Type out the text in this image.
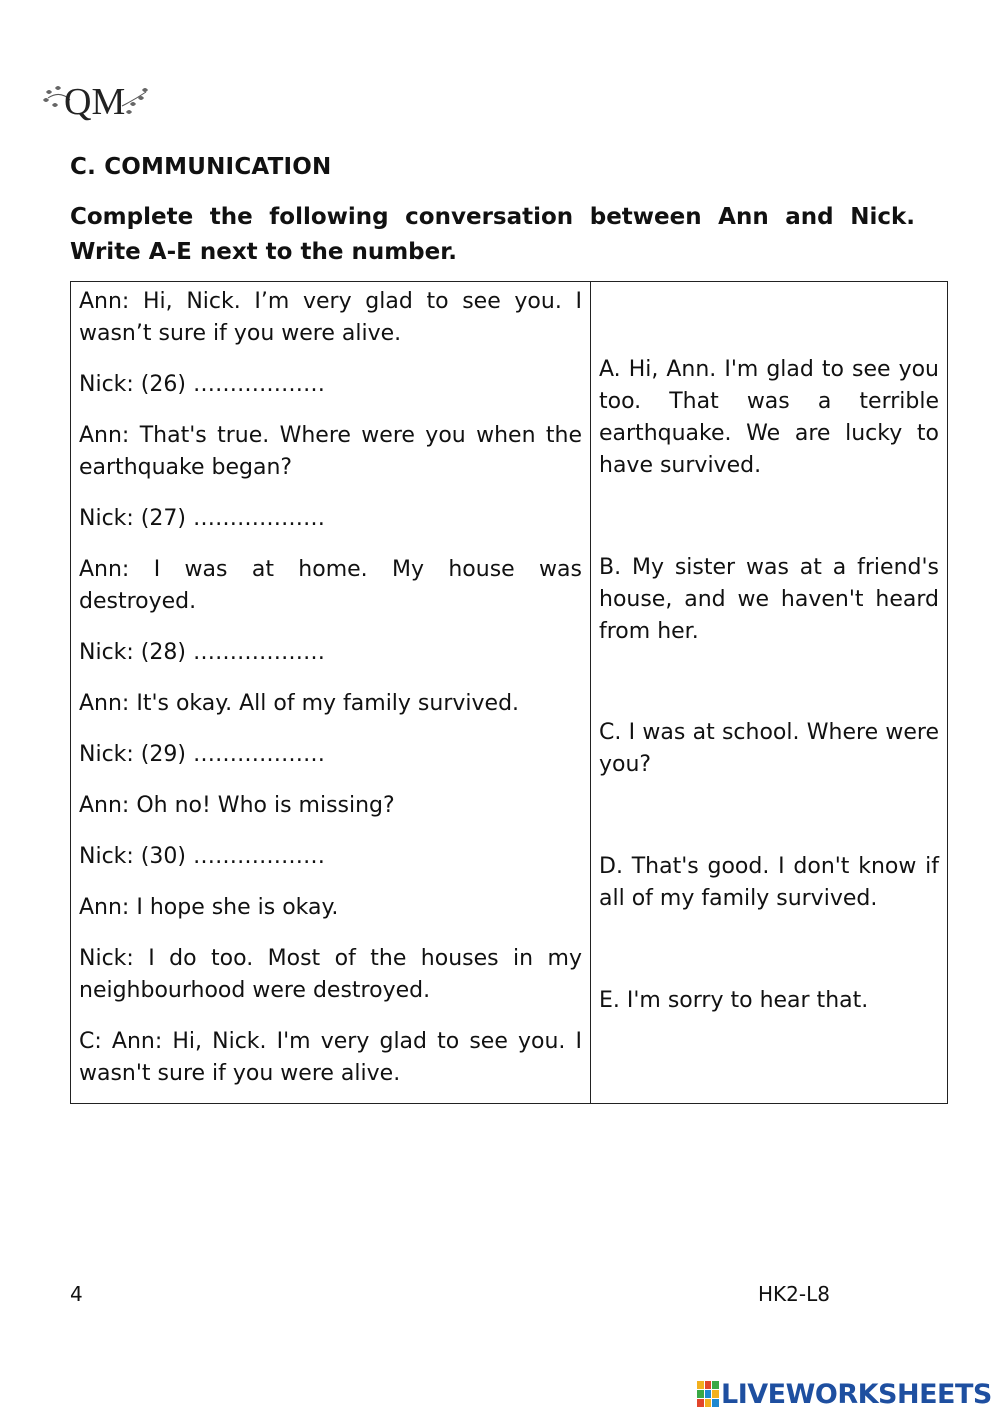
QM
C. COMMUNICATION
Complete the following conversation between Ann and Nick.
Write A-E next to the number.

Ann: Hi, Nick. I’m very glad to see you. I wasn’t sure if you were alive.

Nick: (26) ………………

Ann: That's true. Where were you when the earthquake began?

Nick: (27) ………………

Ann: I was at home. My house was destroyed.

Nick: (28) ………………

Ann: It's okay. All of my family survived.

Nick: (29) ………………

Ann: Oh no! Who is missing?

Nick: (30) ………………

Ann: I hope she is okay.

Nick: I do too. Most of the houses in my neighbourhood were destroyed.

C: Ann: Hi, Nick. I'm very glad to see you. I wasn't sure if you were alive.

A. Hi, Ann. I'm glad to see you too. That was a terrible earthquake. We are lucky to have survived.
B. My sister was at a friend's house, and we haven't heard from her.
C. I was at school. Where were you?
D. That's good. I don't know if all of my family survived.
E. I'm sorry to hear that.
4	HK2-L8
LIVEWORKSHEETS
